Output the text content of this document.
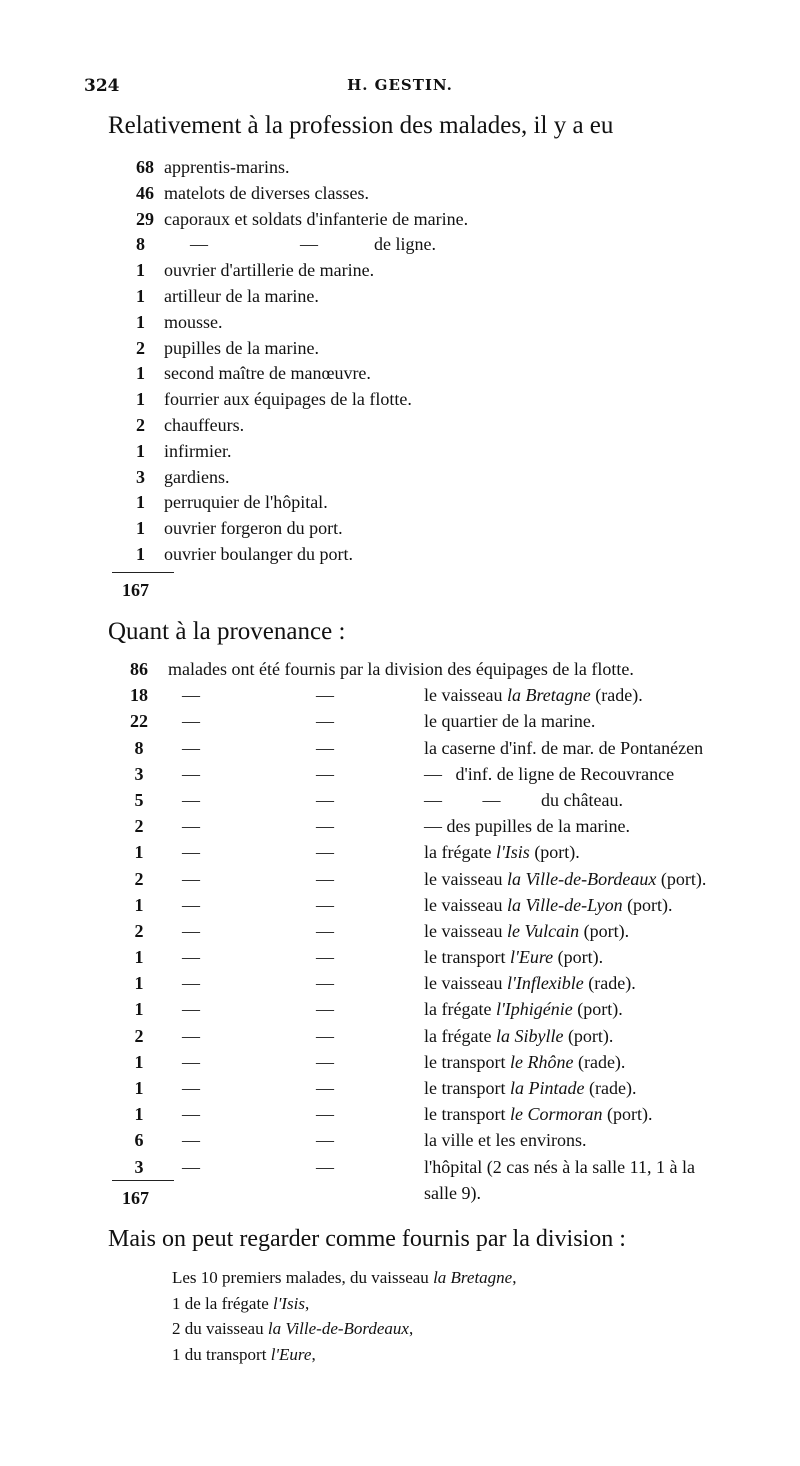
324	H. GESTIN.
Relativement à la profession des malades, il y a eu
68 apprentis-marins.
46 matelots de diverses classes.
29 caporaux et soldats d'infanterie de marine.
8	—	—	de ligne.
1 ouvrier d'artillerie de marine.
1 artilleur de la marine.
1 mousse.
2 pupilles de la marine.
1 second maître de manœuvre.
1 fourrier aux équipages de la flotte.
2 chauffeurs.
1 infirmier.
3 gardiens.
1 perruquier de l'hôpital.
1 ouvrier forgeron du port.
1 ouvrier boulanger du port.
167
Quant à la provenance :
86	malades ont été fournis par la division des équipages de la flotte.
18	—	—	le vaisseau la Bretagne (rade).
22	—	—	le quartier de la marine.
8	—	—	la caserne d'inf. de mar. de Pontanézen
3	—	—	—   d'inf. de ligne de Recouvrance
5	—	—	—         —         du château.
2	—	—	— des pupilles de la marine.
1	—	—	la frégate l'Isis (port).
2	—	—	le vaisseau la Ville-de-Bordeaux (port).
1	—	—	le vaisseau la Ville-de-Lyon (port).
2	—	—	le vaisseau le Vulcain (port).
1	—	—	le transport l'Eure (port).
1	—	—	le vaisseau l'Inflexible (rade).
1	—	—	la frégate l'Iphigénie (port).
2	—	—	la frégate la Sibylle (port).
1	—	—	le transport le Rhône (rade).
1	—	—	le transport la Pintade (rade).
1	—	—	le transport le Cormoran (port).
6	—	—	la ville et les environs.
3	—	—	l'hôpital (2 cas nés à la salle 11, 1 à la
salle 9).
167
Mais on peut regarder comme fournis par la division :
Les 10 premiers malades, du vaisseau la Bretagne,
1 de la frégate l'Isis,
2 du vaisseau la Ville-de-Bordeaux,
1 du transport l'Eure,
